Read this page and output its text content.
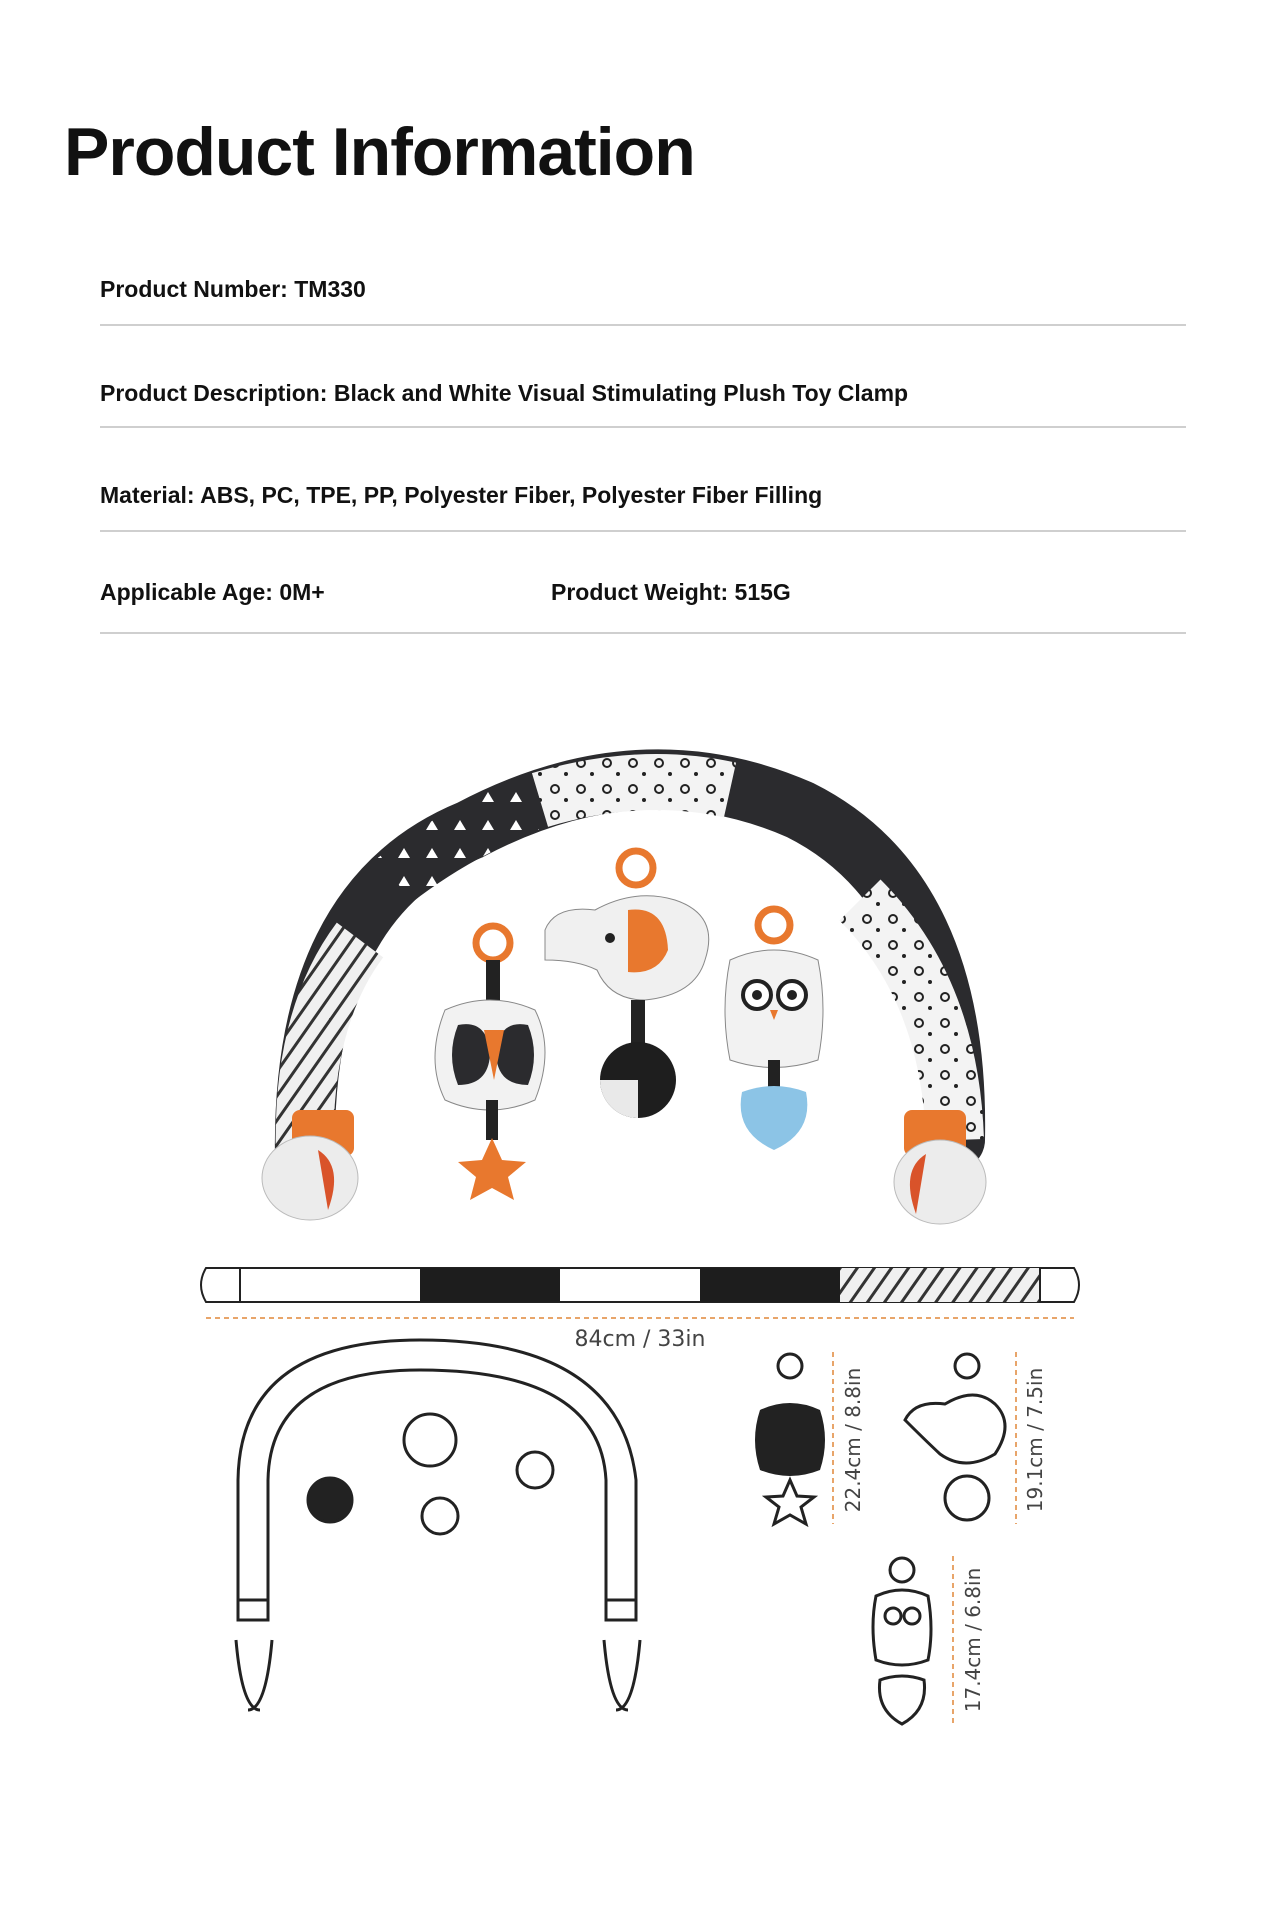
Product Information
Product Number: TM330
Product Description: Black and White Visual Stimulating Plush Toy Clamp
Material: ABS, PC, TPE, PP, Polyester Fiber, Polyester Fiber Filling
Applicable Age: 0M+	Product Weight: 515G
84cm / 33in
22.4cm / 8.8in	19.1cm / 7.5in
17.4cm / 6.8in
